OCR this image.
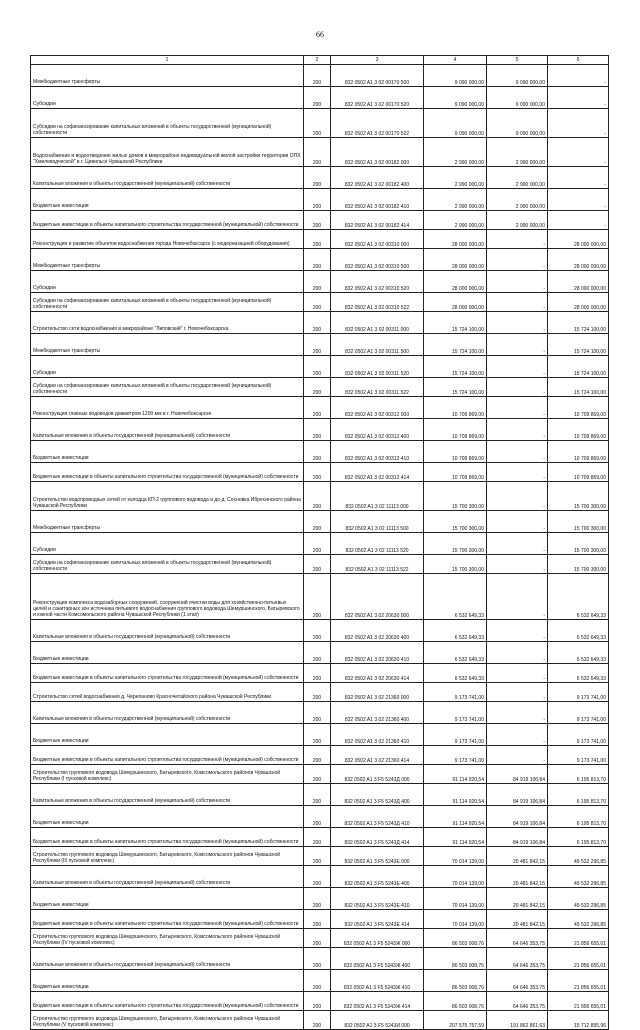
66
1	2	3	4	5	6

Межбюджетные трансферты	200	832 0502 A1 3 02 00170 500	9 090 000,00	9 090 000,00	-

Субсидии	200	832 0502 A1 3 02 00170 520	9 090 000,00	9 090 000,00	-

Субсидии на софинансирование капитальных вложений в объекты государственной (муниципальной) собственности	200	832 0502 A1 3 02 00170 522	9 090 000,00	9 090 000,00	-

Водоснабжение и водоотведение жилых домов в микрорайоне индивидуальной жилой застройки территории ОПХ "Хмелеводческой" в г. Цивильск Чувашской Республики	200	832 0502 A1 3 02 00182 000	2 990 000,00	2 990 000,00	-

Капитальные вложения в объекты государственной (муниципальной) собственности	200	832 0502 A1 3 02 00182 400	2 990 000,00	2 990 000,00	-

Бюджетные инвестиции	200	832 0502 A1 3 02 00182 410	2 990 000,00	2 990 000,00	-

Бюджетные инвестиции в объекты капитального строительства государственной (муниципальной) собственности	200	832 0502 A1 3 02 00182 414	2 990 000,00	2 990 000,00	-

Реконструкция и развитие объектов водоснабжения города Новочебоксарск (с модернизацией оборудования)	200	832 0502 A1 3 02 00310 000	28 000 000,00	-	28 000 000,00

Межбюджетные трансферты	200	832 0502 A1 3 02 00310 500	28 000 000,00	-	28 000 000,00

Субсидии	200	832 0502 A1 3 02 00310 520	28 000 000,00	-	28 000 000,00

Субсидии на софинансирование капитальных вложений в объекты государственной (муниципальной) собственности	200	832 0502 A1 3 02 00310 522	28 000 000,00	-	28 000 000,00

Строительство сети водоснабжения в микрорайоне "Липовский" г. Новочебоксарска	200	832 0502 A1 3 02 00311 000	15 724 100,00	-	15 724 100,00

Межбюджетные трансферты	200	832 0502 A1 3 02 00311 500	15 724 100,00	-	15 724 100,00

Субсидии	200	832 0502 A1 3 02 00311 520	15 724 100,00	-	15 724 100,00

Субсидии на софинансирование капитальных вложений в объекты государственной (муниципальной) собственности	200	832 0502 A1 3 02 00311 522	15 724 100,00	-	15 724 100,00

Реконструкция главных водоводов диаметром 1200 мм в г. Новочебоксарске	200	832 0502 A1 3 02 00312 000	10 709 869,00	-	10 709 869,00

Капитальные вложения в объекты государственной (муниципальной) собственности	200	832 0502 A1 3 02 00312 400	10 709 869,00	-	10 709 869,00

Бюджетные инвестиции	200	832 0502 A1 3 02 00312 410	10 709 869,00	-	10 709 869,00

Бюджетные инвестиции в объекты капитального строительства государственной (муниципальной) собственности	200	832 0502 A1 3 02 00312 414	10 709 869,00	-	10 709 869,00

Строительство водопроводных сетей от колодца КП-2 группового водовода и до д. Сосновка Ибресинского района Чувашской Республики	200	832 0502 A1 3 02 11113 000	15 700 300,00	-	15 700 300,00

Межбюджетные трансферты	200	832 0502 A1 3 02 11113 500	15 700 300,00	-	15 700 300,00

Субсидии	200	832 0502 A1 3 02 11113 520	15 700 300,00	-	15 700 300,00

Субсидии на софинансирование капитальных вложений в объекты государственной (муниципальной) собственности	200	832 0502 A1 3 02 11113 522	15 700 300,00	-	15 700 300,00

Реконструкция комплекса водозаборных сооружений, сооружений очистки воды для хозяйственно-питьевых целей и санитарных зон источника питьевого водоснабжения группового водовода Шемуршинского, Батыревского и южной части Комсомольского района Чувашской Республики (1 этап)	200	832 0502 A1 3 02 20630 000	6 532 649,33	-	6 532 649,33

Капитальные вложения в объекты государственной (муниципальной) собственности	200	832 0502 A1 3 02 20630 400	6 532 649,33	-	6 532 649,33

Бюджетные инвестиции	200	832 0502 A1 3 02 20630 410	6 532 649,33	-	6 532 649,33

Бюджетные инвестиции в объекты капитального строительства государственной (муниципальной) собственности	200	832 0502 A1 3 02 20630 414	6 532 649,33	-	6 532 649,33

Строительство сетей водоснабжения д. Черепаново Красночетайского района Чувашской Республики	200	832 0502 A1 3 02 21360 000	9 173 741,00	-	9 173 741,00

Капитальные вложения в объекты государственной (муниципальной) собственности	200	832 0502 A1 3 02 21360 400	9 173 741,00	-	9 173 741,00

Бюджетные инвестиции	200	832 0502 A1 3 02 21360 410	9 173 741,00	-	9 173 741,00

Бюджетные инвестиции в объекты капитального строительства государственной (муниципальной) собственности	200	832 0502 A1 3 02 21360 414	9 173 741,00	-	9 173 741,00

Строительство группового водовода Шемуршинского, Батыревского, Комсомольского районов Чувашской Республики (I пусковой комплекс)	200	832 0502 A1 3 F5 5243Д 000	91 114 920,54	84 919 106,84	6 195 813,70

Капитальные вложения в объекты государственной (муниципальной) собственности	200	832 0502 A1 3 F5 5243Д 400	91 114 920,54	84 919 106,84	6 195 813,70

Бюджетные инвестиции	200	832 0502 A1 3 F5 5243Д 410	91 114 920,54	84 919 106,84	6 195 813,70

Бюджетные инвестиции в объекты капитального строительства государственной (муниципальной) собственности	200	832 0502 A1 3 F5 5243Д 414	91 114 920,54	84 919 106,84	6 195 813,70

Строительство группового водовода Шемуршинского, Батыревского, Комсомольского районов Чувашской Республики (III пусковой комплекс)	200	832 0502 A1 3 F5 5243Е 000	70 014 139,00	20 481 842,15	49 532 296,85

Капитальные вложения в объекты государственной (муниципальной) собственности	200	832 0502 A1 3 F5 5243Е 400	70 014 139,00	20 481 842,15	49 532 296,85

Бюджетные инвестиции	200	832 0502 A1 3 F5 5243Е 410	70 014 139,00	20 481 842,15	49 532 296,85

Бюджетные инвестиции в объекты капитального строительства государственной (муниципальной) собственности	200	832 0502 A1 3 F5 5243Е 414	70 014 139,00	20 481 842,15	49 532 296,85

Строительство группового водовода Шемуршинского, Батыревского, Комсомольского районов Чувашской Республики (IV пусковой комплекс)	200	832 0502 A1 3 F5 5243Ж 000	86 503 008,76	64 646 353,75	21 856 655,01

Капитальные вложения в объекты государственной (муниципальной) собственности	200	832 0502 A1 3 F5 5243Ж 400	86 503 008,76	64 646 353,75	21 856 655,01

Бюджетные инвестиции	200	832 0502 A1 3 F5 5243Ж 410	86 503 008,76	64 646 353,75	21 856 655,01

Бюджетные инвестиции в объекты капитального строительства государственной (муниципальной) собственности	200	832 0502 A1 3 F5 5243Ж 414	86 503 008,76	64 646 353,75	21 856 655,01

Строительство группового водовода Шемуршинского, Батыревского, Комсомольского районов Чувашской Республики (V пусковой комплекс)	200	832 0502 A1 3 F5 5243И 000	207 575 757,59	191 862 861,63	15 712 895,96
